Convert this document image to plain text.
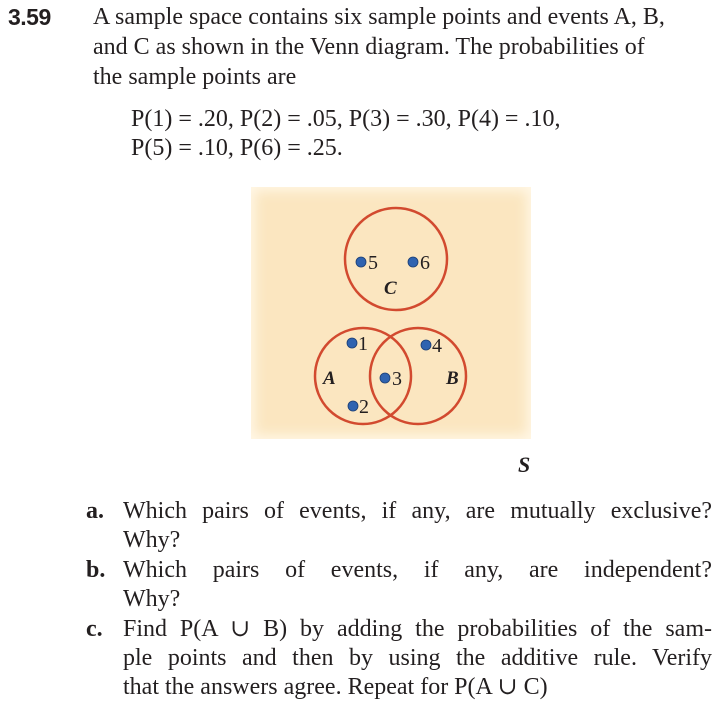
3.59 A sample space contains six sample points and events A, B,
and C as shown in the Venn diagram. The probabilities of
the sample points are
P(1) = .20, P(2) = .05, P(3) = .30, P(4) = .10,
P(5) = .10, P(6) = .25.
5 6
1	4
3
2
C
A	B
S
a. Which pairs of events, if any, are mutually exclusive?
Why?
b. Which pairs of events, if any, are independent?
Why?
c. Find P(A ∪ B) by adding the probabilities of the sam-
ple points and then by using the additive rule. Verify
that the answers agree. Repeat for P(A ∪ C)
